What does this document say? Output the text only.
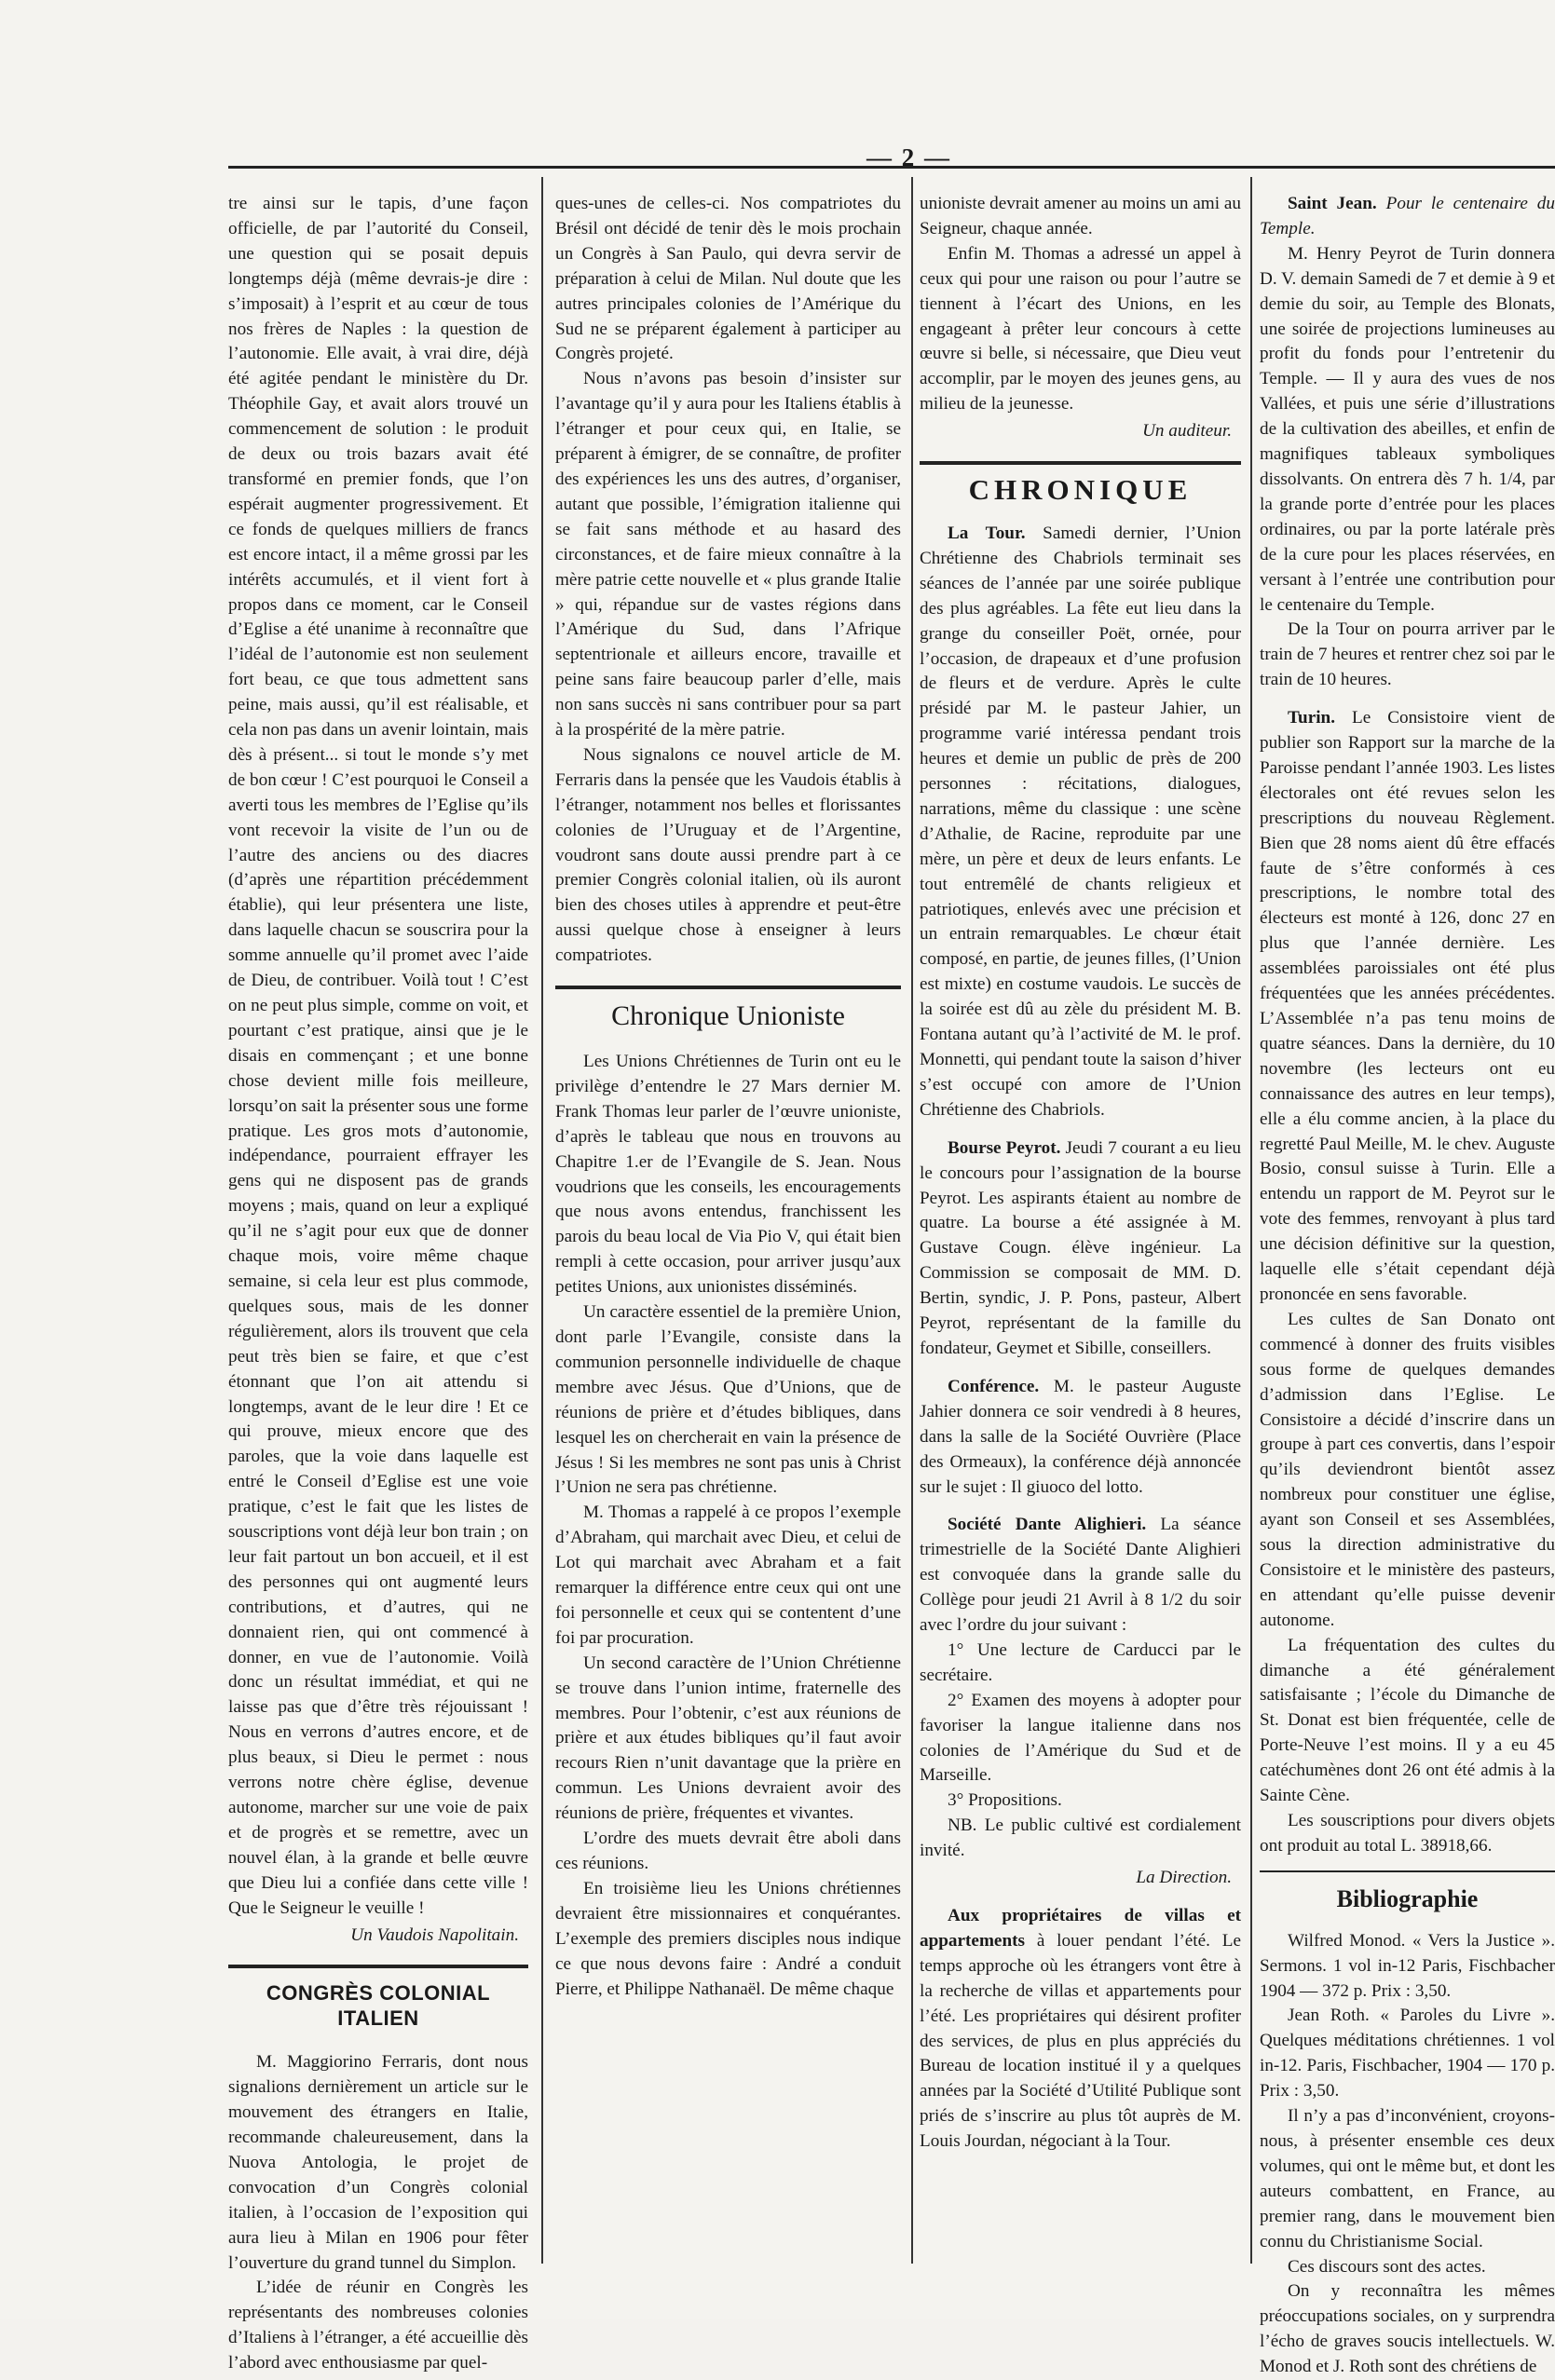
— 2 —

tre ainsi sur le tapis, d’une façon officielle, de par l’autorité du Conseil, une question qui se posait depuis longtemps déjà (même devrais-je dire : s’imposait) à l’esprit et au cœur de tous nos frères de Naples : la question de l’autonomie. Elle avait, à vrai dire, déjà été agitée pendant le ministère du Dr. Théophile Gay, et avait alors trouvé un commencement de solution : le produit de deux ou trois bazars avait été transformé en premier fonds, que l’on espérait augmenter progressivement. Et ce fonds de quelques milliers de francs est encore intact, il a même grossi par les intérêts accumulés, et il vient fort à propos dans ce moment, car le Conseil d’Eglise a été unanime à reconnaître que l’idéal de l’autonomie est non seulement fort beau, ce que tous admettent sans peine, mais aussi, qu’il est réalisable, et cela non pas dans un avenir lointain, mais dès à présent... si tout le monde s’y met de bon cœur ! C’est pourquoi le Conseil a averti tous les membres de l’Eglise qu’ils vont recevoir la visite de l’un ou de l’autre des anciens ou des diacres (d’après une répartition précédemment établie), qui leur présentera une liste, dans laquelle chacun se souscrira pour la somme annuelle qu’il promet avec l’aide de Dieu, de contribuer. Voilà tout ! C’est on ne peut plus simple, comme on voit, et pourtant c’est pratique, ainsi que je le disais en commençant ; et une bonne chose devient mille fois meilleure, lorsqu’on sait la présenter sous une forme pratique. Les gros mots d’autonomie, indépendance, pourraient effrayer les gens qui ne disposent pas de grands moyens ; mais, quand on leur a expliqué qu’il ne s’agit pour eux que de donner chaque mois, voire même chaque semaine, si cela leur est plus commode, quelques sous, mais de les donner régulièrement, alors ils trouvent que cela peut très bien se faire, et que c’est étonnant que l’on ait attendu si longtemps, avant de le leur dire ! Et ce qui prouve, mieux encore que des paroles, que la voie dans laquelle est entré le Conseil d’Eglise est une voie pratique, c’est le fait que les listes de souscriptions vont déjà leur bon train ; on leur fait partout un bon accueil, et il est des personnes qui ont augmenté leurs contributions, et d’autres, qui ne donnaient rien, qui ont commencé à donner, en vue de l’autonomie. Voilà donc un résultat immédiat, et qui ne laisse pas que d’être très réjouissant ! Nous en verrons d’autres encore, et de plus beaux, si Dieu le permet : nous verrons notre chère église, devenue autonome, marcher sur une voie de paix et de progrès et se remettre, avec un nouvel élan, à la grande et belle œuvre que Dieu lui a confiée dans cette ville ! Que le Seigneur le veuille !

Un Vaudois Napolitain.

CONGRÈS COLONIAL ITALIEN

M. Maggiorino Ferraris, dont nous signalions dernièrement un article sur le mouvement des étrangers en Italie, recommande chaleureusement, dans la Nuova Antologia, le projet de convocation d’un Congrès colonial italien, à l’occasion de l’exposition qui aura lieu à Milan en 1906 pour fêter l’ouverture du grand tunnel du Simplon.

L’idée de réunir en Congrès les représentants des nombreuses colonies d’Italiens à l’étranger, a été accueillie dès l’abord avec enthousiasme par quel-

ques-unes de celles-ci. Nos compatriotes du Brésil ont décidé de tenir dès le mois prochain un Congrès à San Paulo, qui devra servir de préparation à celui de Milan. Nul doute que les autres principales colonies de l’Amérique du Sud ne se préparent également à participer au Congrès projeté.

Nous n’avons pas besoin d’insister sur l’avantage qu’il y aura pour les Italiens établis à l’étranger et pour ceux qui, en Italie, se préparent à émigrer, de se connaître, de profiter des expériences les uns des autres, d’organiser, autant que possible, l’émigration italienne qui se fait sans méthode et au hasard des circonstances, et de faire mieux connaître à la mère patrie cette nouvelle et « plus grande Italie » qui, répandue sur de vastes régions dans l’Amérique du Sud, dans l’Afrique septentrionale et ailleurs encore, travaille et peine sans faire beaucoup parler d’elle, mais non sans succès ni sans contribuer pour sa part à la prospérité de la mère patrie.

Nous signalons ce nouvel article de M. Ferraris dans la pensée que les Vaudois établis à l’étranger, notamment nos belles et florissantes colonies de l’Uruguay et de l’Argentine, voudront sans doute aussi prendre part à ce premier Congrès colonial italien, où ils auront bien des choses utiles à apprendre et peut-être aussi quelque chose à enseigner à leurs compatriotes.

Chronique Unioniste

Les Unions Chrétiennes de Turin ont eu le privilège d’entendre le 27 Mars dernier M. Frank Thomas leur parler de l’œuvre unioniste, d’après le tableau que nous en trouvons au Chapitre 1.er de l’Evangile de S. Jean. Nous voudrions que les conseils, les encouragements que nous avons entendus, franchissent les parois du beau local de Via Pio V, qui était bien rempli à cette occasion, pour arriver jusqu’aux petites Unions, aux unionistes disséminés.

Un caractère essentiel de la première Union, dont parle l’Evangile, consiste dans la communion personnelle individuelle de chaque membre avec Jésus. Que d’Unions, que de réunions de prière et d’études bibliques, dans lesquel les on chercherait en vain la présence de Jésus ! Si les membres ne sont pas unis à Christ l’Union ne sera pas chrétienne.

M. Thomas a rappelé à ce propos l’exemple d’Abraham, qui marchait avec Dieu, et celui de Lot qui marchait avec Abraham et a fait remarquer la différence entre ceux qui ont une foi personnelle et ceux qui se contentent d’une foi par procuration.

Un second caractère de l’Union Chrétienne se trouve dans l’union intime, fraternelle des membres. Pour l’obtenir, c’est aux réunions de prière et aux études bibliques qu’il faut avoir recours Rien n’unit davantage que la prière en commun. Les Unions devraient avoir des réunions de prière, fréquentes et vivantes.

L’ordre des muets devrait être aboli dans ces réunions.

En troisième lieu les Unions chrétiennes devraient être missionnaires et conquérantes. L’exemple des premiers disciples nous indique ce que nous devons faire : André a conduit Pierre, et Philippe Nathanaël. De même chaque

unioniste devrait amener au moins un ami au Seigneur, chaque année.

Enfin M. Thomas a adressé un appel à ceux qui pour une raison ou pour l’autre se tiennent à l’écart des Unions, en les engageant à prêter leur concours à cette œuvre si belle, si nécessaire, que Dieu veut accomplir, par le moyen des jeunes gens, au milieu de la jeunesse.

Un auditeur.

CHRONIQUE

La Tour. Samedi dernier, l’Union Chrétienne des Chabriols terminait ses séances de l’année par une soirée publique des plus agréables. La fête eut lieu dans la grange du conseiller Poët, ornée, pour l’occasion, de drapeaux et d’une profusion de fleurs et de verdure. Après le culte présidé par M. le pasteur Jahier, un programme varié intéressa pendant trois heures et demie un public de près de 200 personnes : récitations, dialogues, narrations, même du classique : une scène d’Athalie, de Racine, reproduite par une mère, un père et deux de leurs enfants. Le tout entremêlé de chants religieux et patriotiques, enlevés avec une précision et un entrain remarquables. Le chœur était composé, en partie, de jeunes filles, (l’Union est mixte) en costume vaudois. Le succès de la soirée est dû au zèle du président M. B. Fontana autant qu’à l’activité de M. le prof. Monnetti, qui pendant toute la saison d’hiver s’est occupé con amore de l’Union Chrétienne des Chabriols.

Bourse Peyrot. Jeudi 7 courant a eu lieu le concours pour l’assignation de la bourse Peyrot. Les aspirants étaient au nombre de quatre. La bourse a été assignée à M. Gustave Cougn. élève ingénieur. La Commission se composait de MM. D. Bertin, syndic, J. P. Pons, pasteur, Albert Peyrot, représentant de la famille du fondateur, Geymet et Sibille, conseillers.

Conférence. M. le pasteur Auguste Jahier donnera ce soir vendredi à 8 heures, dans la salle de la Société Ouvrière (Place des Ormeaux), la conférence déjà annoncée sur le sujet : Il giuoco del lotto.

Société Dante Alighieri. La séance trimestrielle de la Société Dante Alighieri est convoquée dans la grande salle du Collège pour jeudi 21 Avril à 8 1/2 du soir avec l’ordre du jour suivant :

1° Une lecture de Carducci par le secrétaire.

2° Examen des moyens à adopter pour favoriser la langue italienne dans nos colonies de l’Amérique du Sud et de Marseille.

3° Propositions.

NB. Le public cultivé est cordialement invité.

La Direction.

Aux propriétaires de villas et appartements à louer pendant l’été. Le temps approche où les étrangers vont être à la recherche de villas et appartements pour l’été. Les propriétaires qui désirent profiter des services, de plus en plus appréciés du Bureau de location institué il y a quelques années par la Société d’Utilité Publique sont priés de s’inscrire au plus tôt auprès de M. Louis Jourdan, négociant à la Tour.

Saint Jean. Pour le centenaire du Temple.

M. Henry Peyrot de Turin donnera D. V. demain Samedi de 7 et demie à 9 et demie du soir, au Temple des Blonats, une soirée de projections lumineuses au profit du fonds pour l’entretenir du Temple. — Il y aura des vues de nos Vallées, et puis une série d’illustrations de la cultivation des abeilles, et enfin de magnifiques tableaux symboliques dissolvants. On entrera dès 7 h. 1/4, par la grande porte d’entrée pour les places ordinaires, ou par la porte latérale près de la cure pour les places réservées, en versant à l’entrée une contribution pour le centenaire du Temple.

De la Tour on pourra arriver par le train de 7 heures et rentrer chez soi par le train de 10 heures.

Turin. Le Consistoire vient de publier son Rapport sur la marche de la Paroisse pendant l’année 1903. Les listes électorales ont été revues selon les prescriptions du nouveau Règlement. Bien que 28 noms aient dû être effacés faute de s’être conformés à ces prescriptions, le nombre total des électeurs est monté à 126, donc 27 en plus que l’année dernière. Les assemblées paroissiales ont été plus fréquentées que les années précédentes. L’Assemblée n’a pas tenu moins de quatre séances. Dans la dernière, du 10 novembre (les lecteurs ont eu connaissance des autres en leur temps), elle a élu comme ancien, à la place du regretté Paul Meille, M. le chev. Auguste Bosio, consul suisse à Turin. Elle a entendu un rapport de M. Peyrot sur le vote des femmes, renvoyant à plus tard une décision définitive sur la question, laquelle elle s’était cependant déjà prononcée en sens favorable.

Les cultes de San Donato ont commencé à donner des fruits visibles sous forme de quelques demandes d’admission dans l’Eglise. Le Consistoire a décidé d’inscrire dans un groupe à part ces convertis, dans l’espoir qu’ils deviendront bientôt assez nombreux pour constituer une église, ayant son Conseil et ses Assemblées, sous la direction administrative du Consistoire et le ministère des pasteurs, en attendant qu’elle puisse devenir autonome.

La fréquentation des cultes du dimanche a été généralement satisfaisante ; l’école du Dimanche de St. Donat est bien fréquentée, celle de Porte-Neuve l’est moins. Il y a eu 45 catéchumènes dont 26 ont été admis à la Sainte Cène.

Les souscriptions pour divers objets ont produit au total L. 38918,66.

Bibliographie

Wilfred Monod. « Vers la Justice ». Sermons. 1 vol in-12 Paris, Fischbacher 1904 — 372 p. Prix : 3,50.

Jean Roth. « Paroles du Livre ». Quelques méditations chrétiennes. 1 vol in-12. Paris, Fischbacher, 1904 — 170 p. Prix : 3,50.

Il n’y a pas d’inconvénient, croyons-nous, à présenter ensemble ces deux volumes, qui ont le même but, et dont les auteurs combattent, en France, au premier rang, dans le mouvement bien connu du Christianisme Social.

Ces discours sont des actes.

On y reconnaîtra les mêmes préoccupations sociales, on y surprendra l’écho de graves soucis intellectuels. W. Monod et J. Roth sont des chrétiens de
